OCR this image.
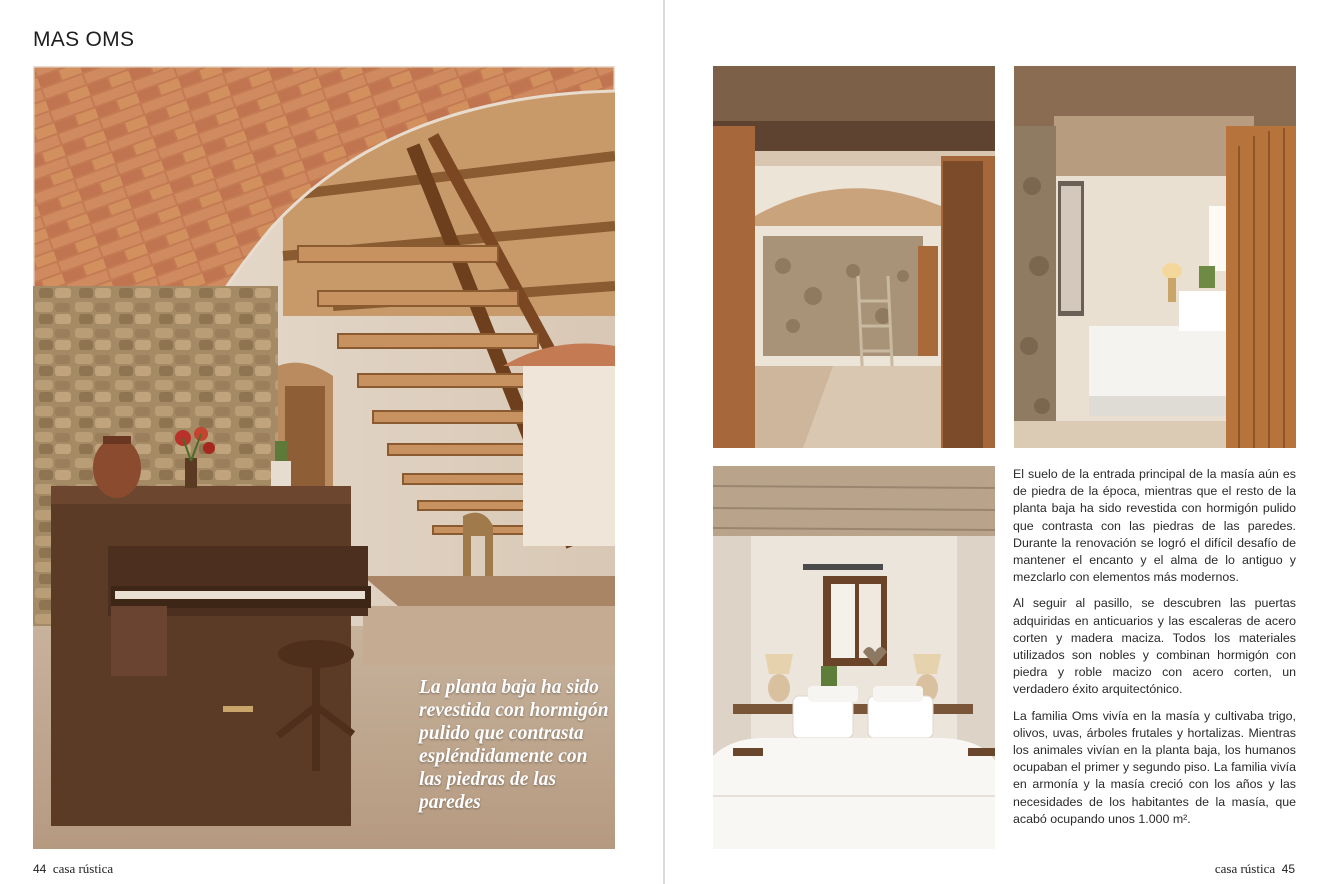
MAS OMS
La planta baja ha sido revestida con hormigón pulido que contrasta espléndidamente con las piedras de las paredes
44 casa rústica

El suelo de la entrada principal de la masía aún es de piedra de la época, mientras que el resto de la planta baja ha sido revestida con hormigón pulido que contrasta con las piedras de las paredes. Durante la renovación se logró el difícil desafío de mantener el encanto y el alma de lo antiguo y mezclarlo con elementos más modernos.

Al seguir al pasillo, se descubren las puertas adquiridas en anticuarios y las escaleras de acero corten y madera maciza. Todos los materiales utilizados son nobles y combinan hormigón con piedra y roble macizo con acero corten, un verdadero éxito arquitectónico.

La familia Oms vivía en la masía y cultivaba trigo, olivos, uvas, árboles frutales y hortalizas. Mientras los animales vivían en la planta baja, los humanos ocupaban el primer y segundo piso. La familia vivía en armonía y la masía creció con los años y las necesidades de los habitantes de la masía, que acabó ocupando unos 1.000 m².

casa rústica 45
